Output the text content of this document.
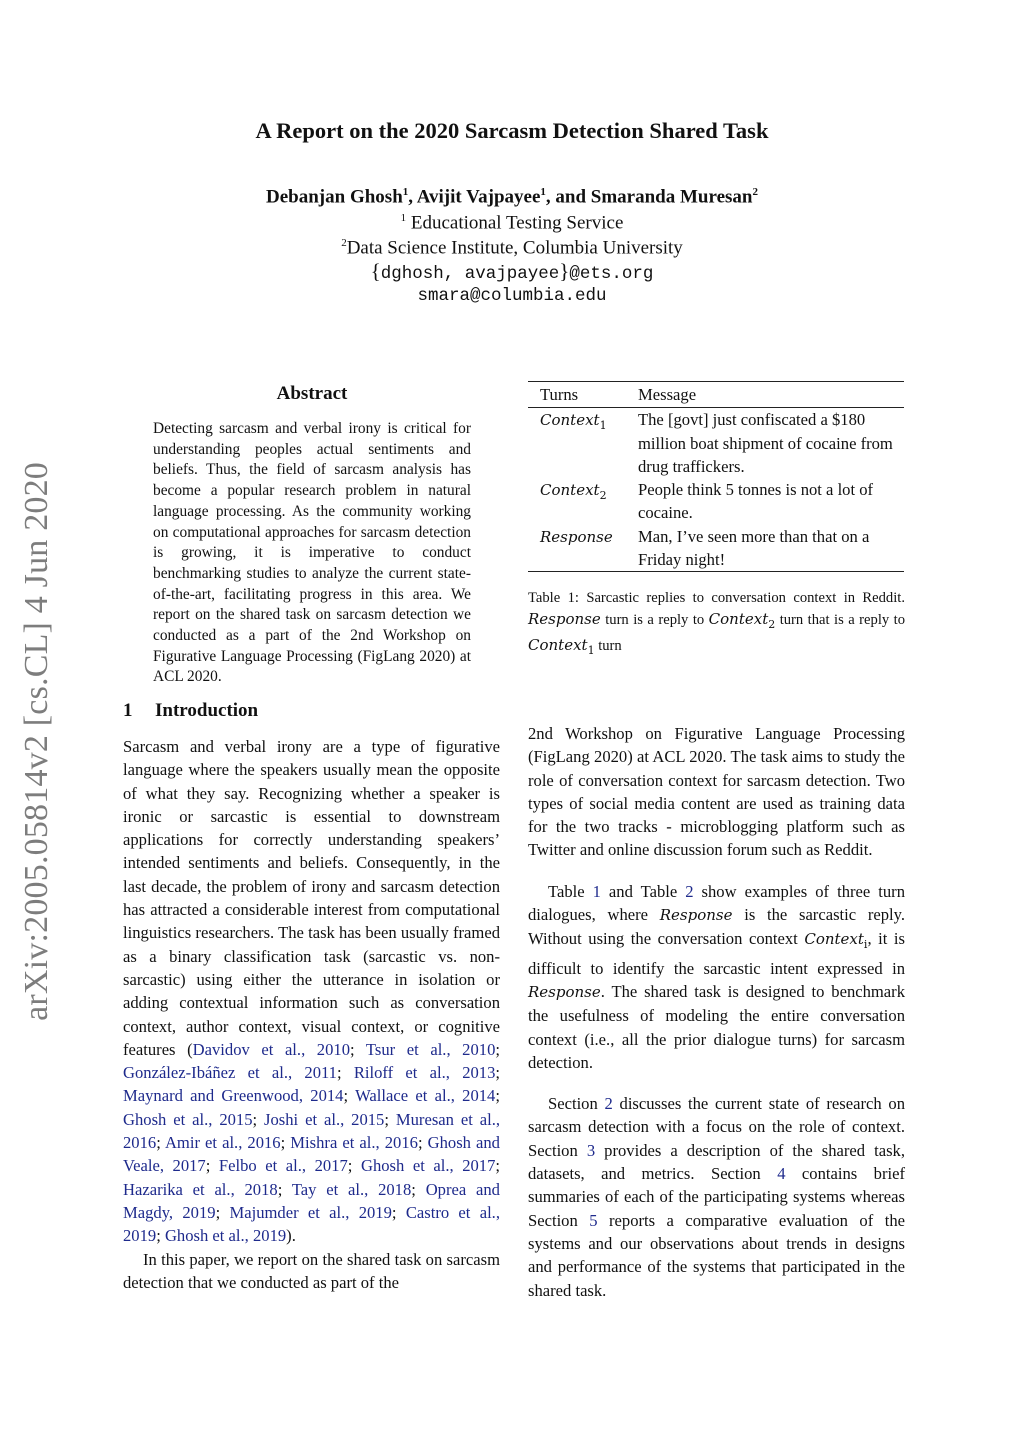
arXiv:2005.05814v2 [cs.CL] 4 Jun 2020
A Report on the 2020 Sarcasm Detection Shared Task
Debanjan Ghosh$^1$, Avijit Vajpayee$^1$, and Smaranda Muresan$^2$
$^1$ Educational Testing Service
$^2$Data Science Institute, Columbia University
{dghosh, avajpayee}@ets.org
smara@columbia.edu
Abstract
Detecting sarcasm and verbal irony is critical for understanding peoples actual sentiments and beliefs. Thus, the field of sarcasm analysis has become a popular research problem in natural language processing. As the community working on computational approaches for sarcasm detection is growing, it is imperative to conduct benchmarking studies to analyze the current state-of-the-art, facilitating progress in this area. We report on the shared task on sarcasm detection we conducted as a part of the 2nd Workshop on Figurative Language Processing (FigLang 2020) at ACL 2020.
1 Introduction

Sarcasm and verbal irony are a type of figurative language where the speakers usually mean the opposite of what they say. Recognizing whether a speaker is ironic or sarcastic is essential to downstream applications for correctly understanding speakers’ intended sentiments and beliefs. Consequently, in the last decade, the problem of irony and sarcasm detection has attracted a considerable interest from computational linguistics researchers. The task has been usually framed as a binary classification task (sarcastic vs. non-sarcastic) using either the utterance in isolation or adding contextual information such as conversation context, author context, visual context, or cognitive features (Davidov et al., 2010; Tsur et al., 2010; González-Ibáñez et al., 2011; Riloff et al., 2013; Maynard and Greenwood, 2014; Wallace et al., 2014; Ghosh et al., 2015; Joshi et al., 2015; Muresan et al., 2016; Amir et al., 2016; Mishra et al., 2016; Ghosh and Veale, 2017; Felbo et al., 2017; Ghosh et al., 2017; Hazarika et al., 2018; Tay et al., 2018; Oprea and Magdy, 2019; Majumder et al., 2019; Castro et al., 2019; Ghosh et al., 2019).

In this paper, we report on the shared task on sarcasm detection that we conducted as part of the

Turns	Message
Context$_1$	The [govt] just confiscated a $180 million boat shipment of cocaine from drug traffickers.
Context$_2$	People think 5 tonnes is not a lot of cocaine.
Response	Man, I’ve seen more than that on a Friday night!
Table 1: Sarcastic replies to conversation context in Reddit. Response turn is a reply to Context$_2$ turn that is a reply to Context$_1$ turn

2nd Workshop on Figurative Language Processing (FigLang 2020) at ACL 2020. The task aims to study the role of conversation context for sarcasm detection. Two types of social media content are used as training data for the two tracks - microblogging platform such as Twitter and online discussion forum such as Reddit.

Table 1 and Table 2 show examples of three turn dialogues, where Response is the sarcastic reply. Without using the conversation context Context$_i$, it is difficult to identify the sarcastic intent expressed in Response. The shared task is designed to benchmark the usefulness of modeling the entire conversation context (i.e., all the prior dialogue turns) for sarcasm detection.

Section 2 discusses the current state of research on sarcasm detection with a focus on the role of context. Section 3 provides a description of the shared task, datasets, and metrics. Section 4 contains brief summaries of each of the participating systems whereas Section 5 reports a comparative evaluation of the systems and our observations about trends in designs and performance of the systems that participated in the shared task.
